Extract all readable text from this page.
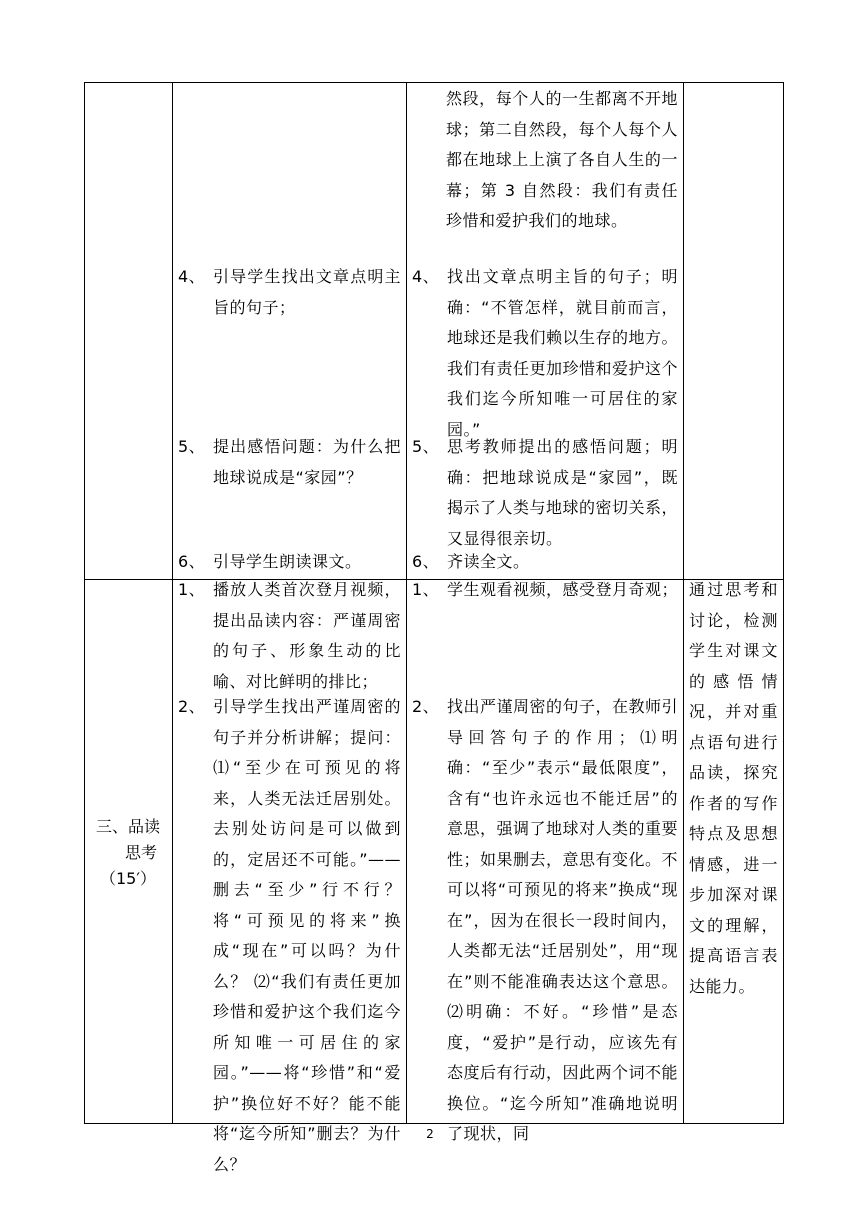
然段，每个人的一生都离不开地球；第二自然段，每个人每个人都在地球上上演了各自人生的一幕；第 3 自然段：我们有责任珍惜和爱护我们的地球。
4、 引导学生找出文章点明主旨的句子；
5、 提出感悟问题：为什么把地球说成是“家园”？
6、 引导学生朗读课文。
4、 找出文章点明主旨的句子；明确：“不管怎样，就目前而言，地球还是我们赖以生存的地方。我们有责任更加珍惜和爱护这个我们迄今所知唯一可居住的家园。”
5、 思考教师提出的感悟问题；明确：把地球说成是“家园”，既揭示了人类与地球的密切关系，又显得很亲切。
6、 齐读全文。
三、品读
思考
（15′）
1、 播放人类首次登月视频，提出品读内容：严谨周密的句子、形象生动的比喻、对比鲜明的排比；
2、 引导学生找出严谨周密的句子并分析讲解；提问：⑴“至少在可预见的将来，人类无法迁居别处。去别处访问是可以做到的，定居还不可能。”——删去“至少”行不行？将“可预见的将来”换成“现在”可以吗？为什么？ ⑵“我们有责任更加珍惜和爱护这个我们迄今所知唯一可居住的家园。”——将“珍惜”和“爱护”换位好不好？能不能将“迄今所知”删去？为什么？
1、 学生观看视频，感受登月奇观；
2、 找出严谨周密的句子，在教师引导回答句子的作用；⑴明确：“至少”表示“最低限度”，含有“也许永远也不能迁居”的意思，强调了地球对人类的重要性；如果删去，意思有变化。不可以将“可预见的将来”换成“现在”，因为在很长一段时间内，人类都无法“迁居别处”，用“现在”则不能准确表达这个意思。⑵明确：不好。“珍惜”是态度，“爱护”是行动，应该先有态度后有行动，因此两个词不能换位。“迄今所知”准确地说明了现状，同
通过思考和讨论，检测学生对课文的感悟情况，并对重点语句进行品读，探究作者的写作特点及思想情感，进一步加深对课文的理解，提高语言表达能力。
2
